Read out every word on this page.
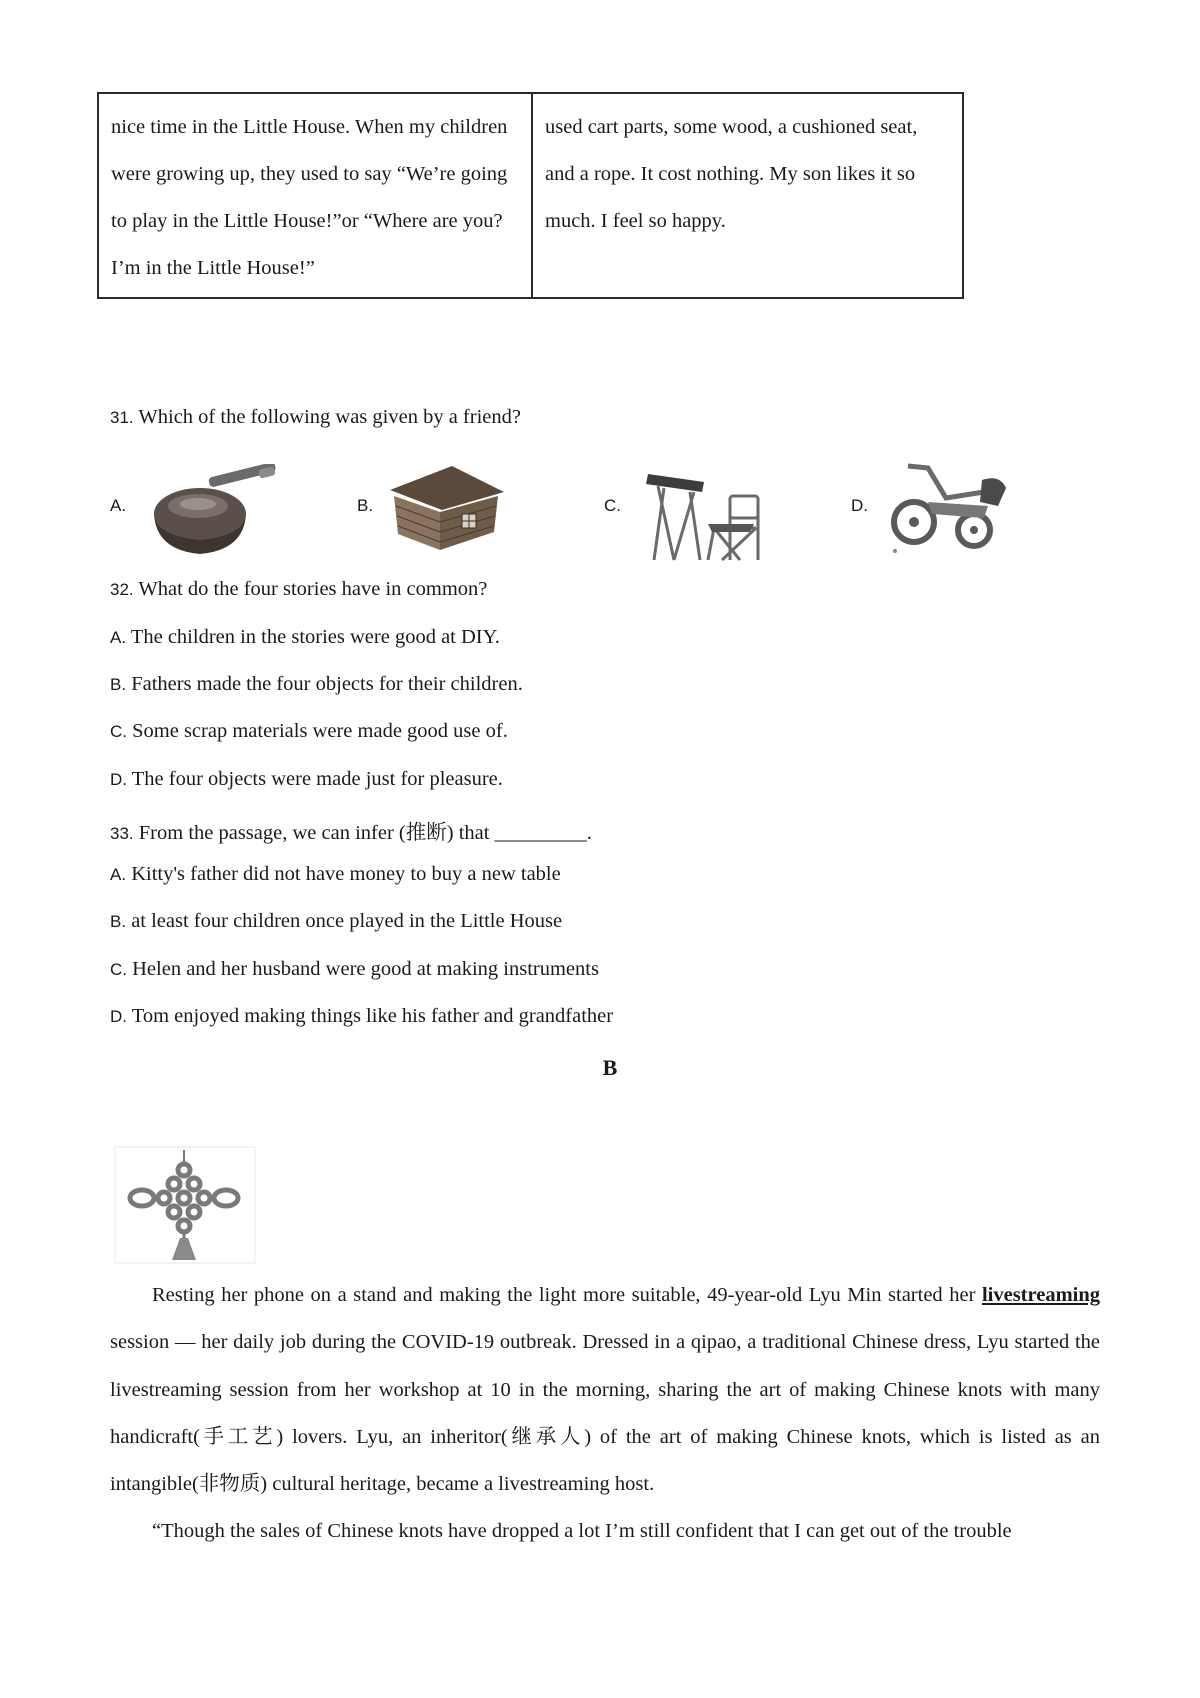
nice time in the Little House. When my children
were growing up, they used to say “We’re going
to play in the Little House!”or “Where are you?
I’m in the Little House!”
used cart parts, some wood, a cushioned seat,
and a rope. It cost nothing. My son likes it so
much. I feel so happy.
31. Which of the following was given by a friend?
A.	B.	C.	D.
32. What do the four stories have in common?
A. The children in the stories were good at DIY.
B. Fathers made the four objects for their children.
C. Some scrap materials were made good use of.
D. The four objects were made just for pleasure.
33. From the passage, we can infer (推断) that _________.
A. Kitty's father did not have money to buy a new table
B. at least four children once played in the Little House
C. Helen and her husband were good at making instruments
D. Tom enjoyed making things like his father and grandfather
B
Resting her phone on a stand and making the light more suitable, 49-year-old Lyu Min started her livestreaming session — her daily job during the COVID-19 outbreak. Dressed in a qipao, a traditional Chinese dress, Lyu started the livestreaming session from her workshop at 10 in the morning, sharing the art of making Chinese knots with many handicraft(手工艺) lovers. Lyu, an inheritor(继承人) of the art of making Chinese knots, which is listed as an intangible(非物质) cultural heritage, became a livestreaming host.
“Though the sales of Chinese knots have dropped a lot I’m still confident that I can get out of the trouble
